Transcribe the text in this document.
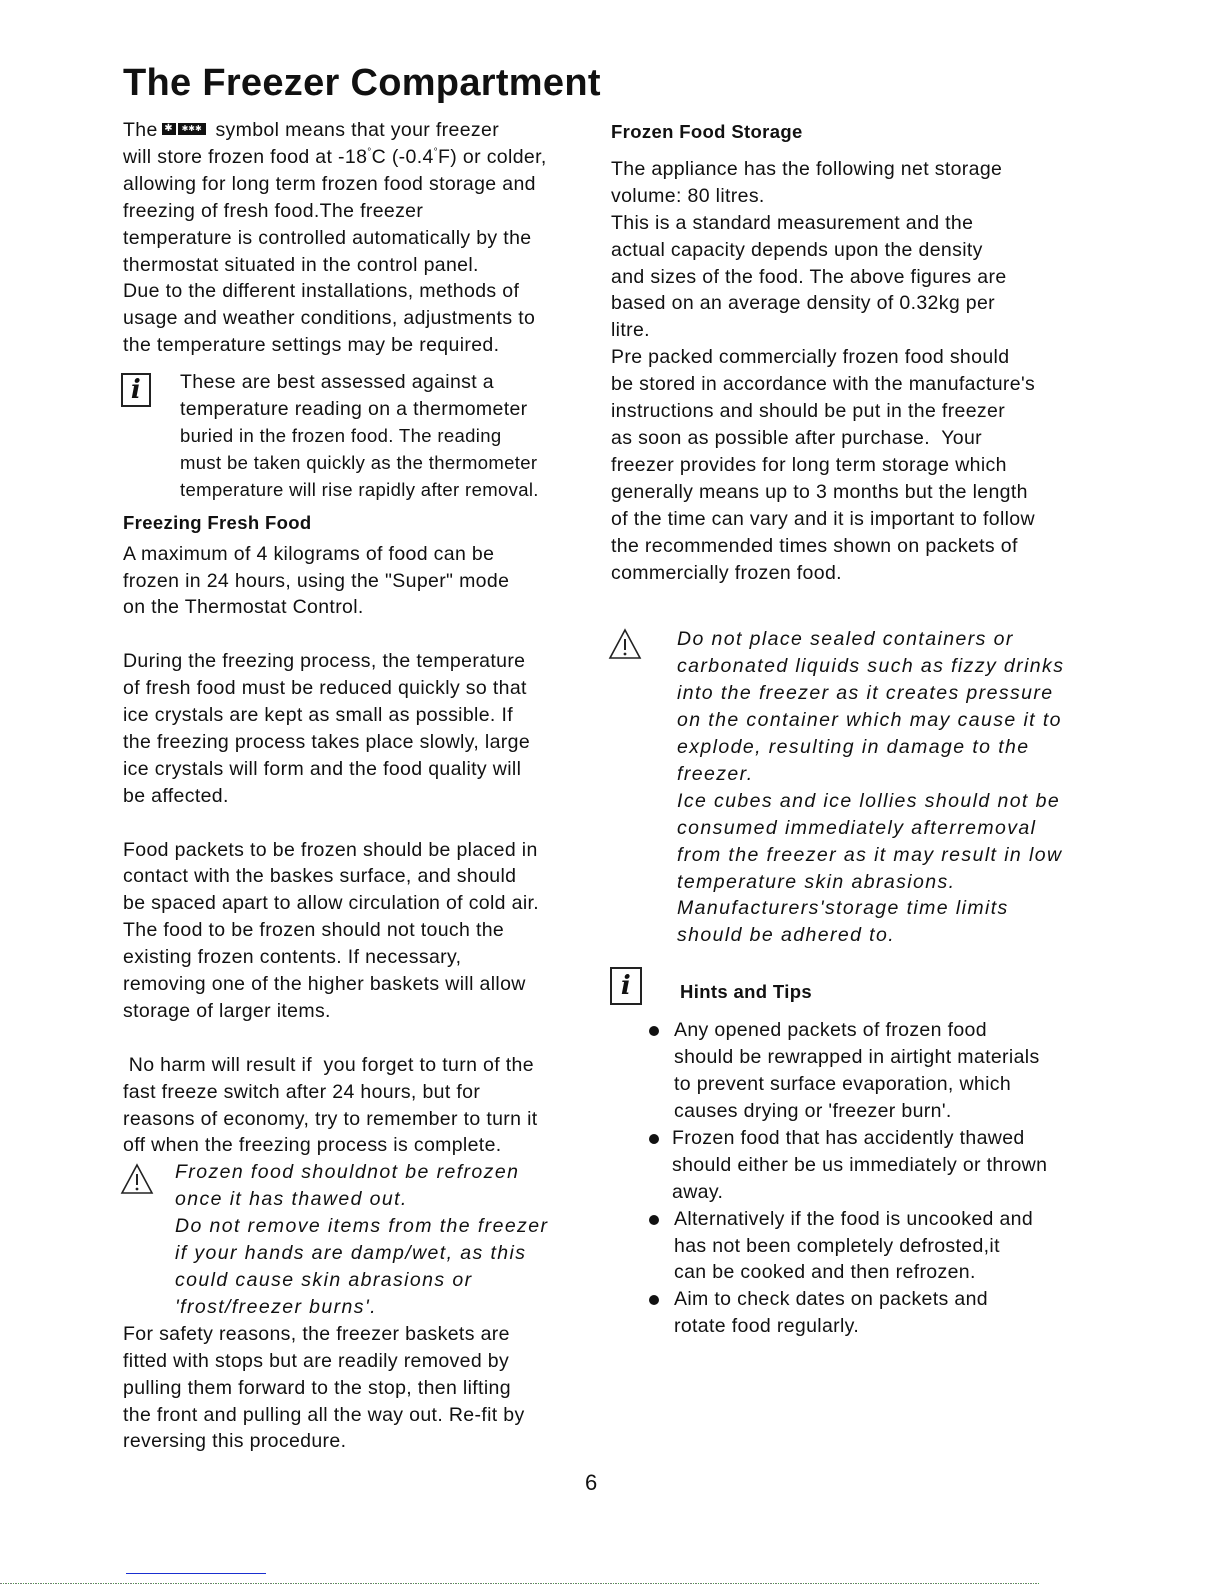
The Freezer Compartment

The ✱	✱✱✱ symbol means that your freezer

will store frozen food at -18°C (-0.4°F) or colder,

allowing for long term frozen food storage and

freezing of fresh food.The freezer

temperature is controlled automatically by the

thermostat situated in the control panel.

Due to the different installations, methods of

usage and weather conditions, adjustments to

the temperature settings may be required.

i	These are best assessed against a

temperature reading on a thermometer

buried in the frozen food. The reading

must be taken quickly as the thermometer

temperature will rise rapidly after removal.

Freezing Fresh Food

A maximum of 4 kilograms of food can be

frozen in 24 hours, using the "Super" mode

on the Thermostat Control.

During the freezing process, the temperature

of fresh food must be reduced quickly so that

ice crystals are kept as small as possible. If

the freezing process takes place slowly, large

ice crystals will form and the food quality will

be affected.

Food packets to be frozen should be placed in

contact with the baskes surface, and should

be spaced apart to allow circulation of cold air.

The food to be frozen should not touch the

existing frozen contents. If necessary,

removing one of the higher baskets will allow

storage of larger items.

No harm will result if  you forget to turn of the

fast freeze switch after 24 hours, but for

reasons of economy, try to remember to turn it

off when the freezing process is complete.

Frozen food shouldnot be refrozen

once it has thawed out.

Do not remove items from the freezer

if your hands are damp/wet, as this

could cause skin abrasions or

'frost/freezer burns'.

For safety reasons, the freezer baskets are

fitted with stops but are readily removed by

pulling them forward to the stop, then lifting

the front and pulling all the way out. Re-fit by

reversing this procedure.

Frozen Food Storage

The appliance has the following net storage

volume: 80 litres.

This is a standard measurement and the

actual capacity depends upon the density

and sizes of the food. The above figures are

based on an average density of 0.32kg per

litre.

Pre packed commercially frozen food should

be stored in accordance with the manufacture's

instructions and should be put in the freezer

as soon as possible after purchase.  Your

freezer provides for long term storage which

generally means up to 3 months but the length

of the time can vary and it is important to follow

the recommended times shown on packets of

commercially frozen food.

Do not place sealed containers or

carbonated liquids such as fizzy drinks

into the freezer as it creates pressure

on the container which may cause it to

explode, resulting in damage to the

freezer.

Ice cubes and ice lollies should not be

consumed immediately afterremoval

from the freezer as it may result in low

temperature skin abrasions.

Manufacturers'storage time limits

should be adhered to.

i	Hints and Tips

Any opened packets of frozen food

should be rewrapped in airtight materials

to prevent surface evaporation, which

causes drying or 'freezer burn'.

Frozen food that has accidently thawed

should either be us immediately or thrown

away.

Alternatively if the food is uncooked and

has not been completely defrosted,it

can be cooked and then refrozen.

Aim to check dates on packets and

rotate food regularly.

6
